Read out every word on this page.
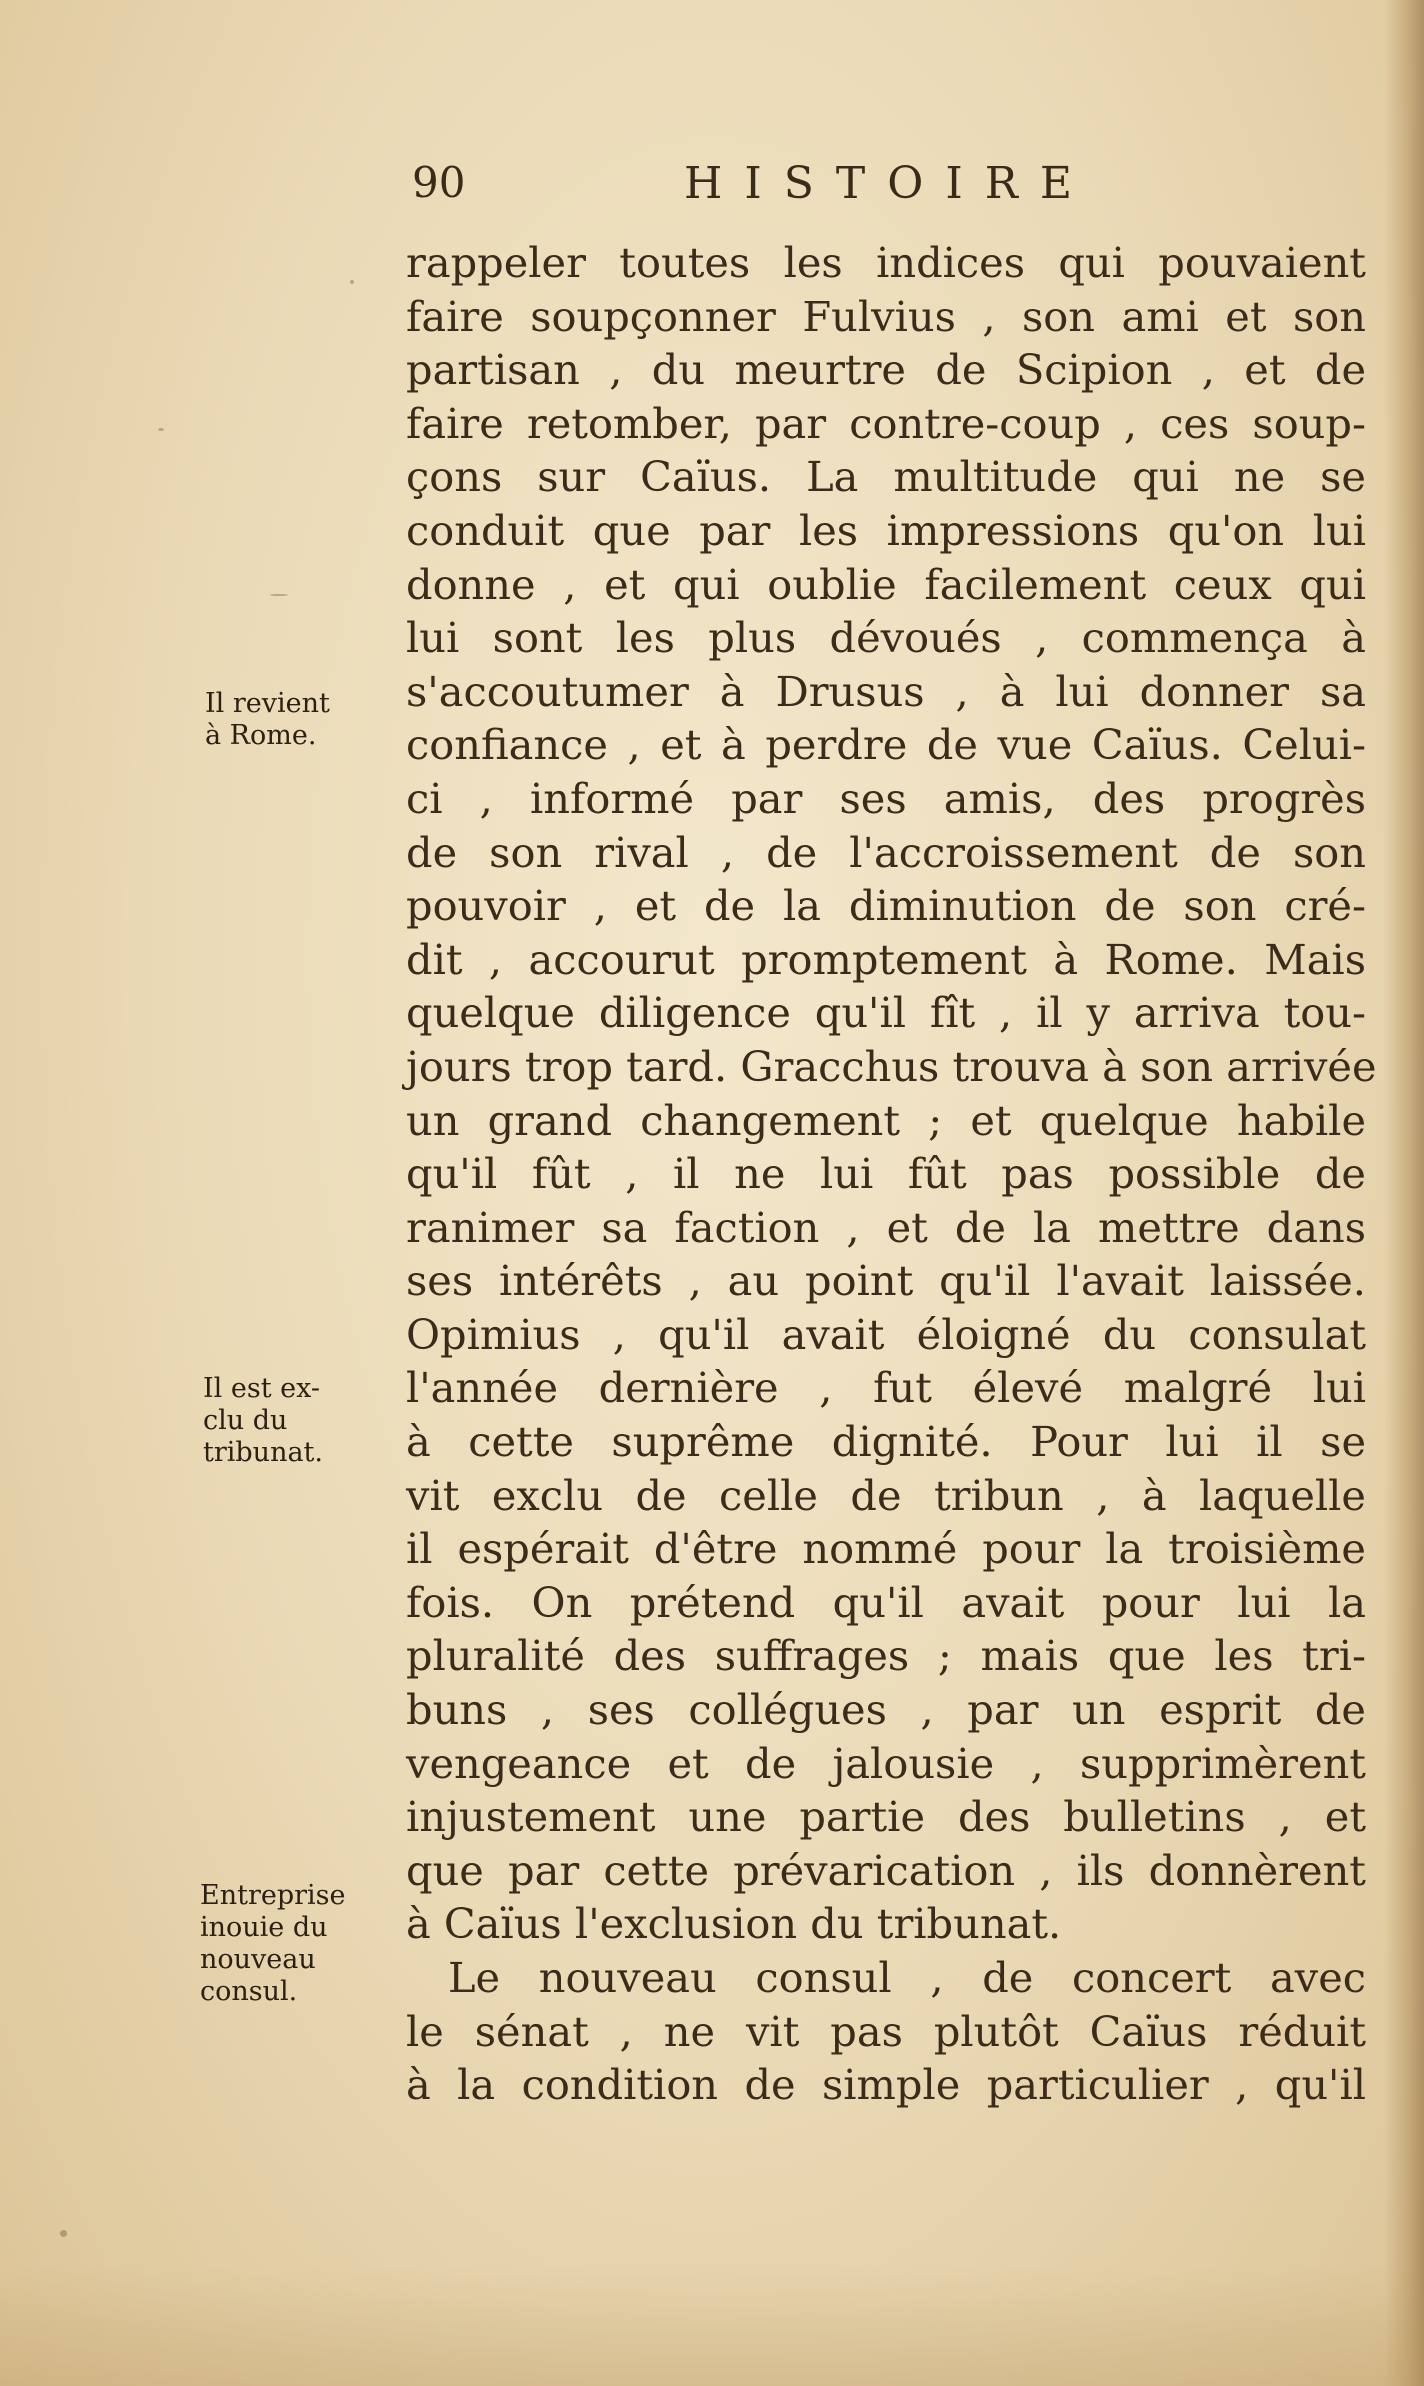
90	HISTOIRE
Il revient
à Rome.
Il est ex-
clu du
tribunat.
Entreprise
inouie du
nouveau
consul.
rappeler toutes les indices qui pouvaient
faire soupçonner Fulvius , son ami et son
partisan , du meurtre de Scipion , et de
faire retomber, par contre-coup , ces soup-
çons sur Caïus. La multitude qui ne se
conduit que par les impressions qu'on lui
donne , et qui oublie facilement ceux qui
lui sont les plus dévoués , commença à
s'accoutumer à Drusus , à lui donner sa
confiance , et à perdre de vue Caïus. Celui-
ci , informé par ses amis, des progrès
de son rival , de l'accroissement de son
pouvoir , et de la diminution de son cré-
dit , accourut promptement à Rome. Mais
quelque diligence qu'il fît , il y arriva tou-
jours trop tard. Gracchus trouva à son arrivée
un grand changement ; et quelque habile
qu'il fût , il ne lui fût pas possible de
ranimer sa faction , et de la mettre dans
ses intérêts , au point qu'il l'avait laissée.
Opimius , qu'il avait éloigné du consulat
l'année dernière , fut élevé malgré lui
à cette suprême dignité. Pour lui il se
vit exclu de celle de tribun , à laquelle
il espérait d'être nommé pour la troisième
fois. On prétend qu'il avait pour lui la
pluralité des suffrages ; mais que les tri-
buns , ses collégues , par un esprit de
vengeance et de jalousie , supprimèrent
injustement une partie des bulletins , et
que par cette prévarication , ils donnèrent
à Caïus l'exclusion du tribunat.
Le nouveau consul , de concert avec
le sénat , ne vit pas plutôt Caïus réduit
à la condition de simple particulier , qu'il
